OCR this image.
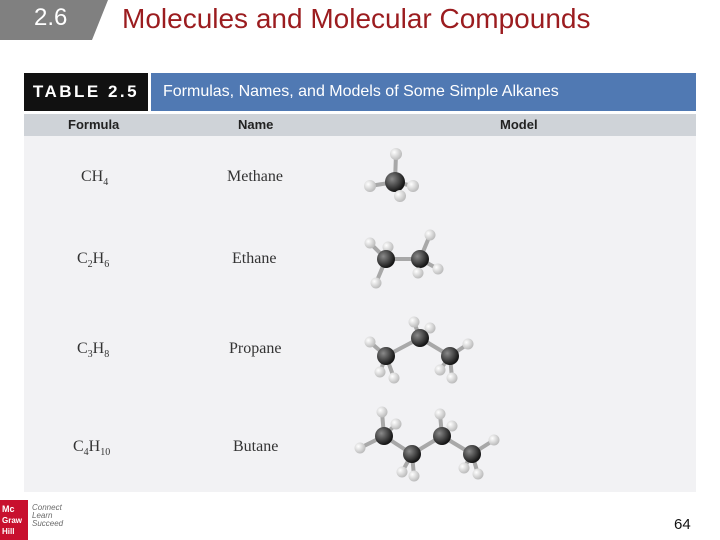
2.6 Molecules and Molecular Compounds
TABLE 2.5	Formulas, Names, and Models of Some Simple Alkanes
Formula	Name	Model
$CH_4$	Methane
$C_2H_6$	Ethane
$C_3H_8$	Propane
$C_4H_{10}$	Butane
Mc
Graw
Hill
Connect
Learn
Succeed	64
